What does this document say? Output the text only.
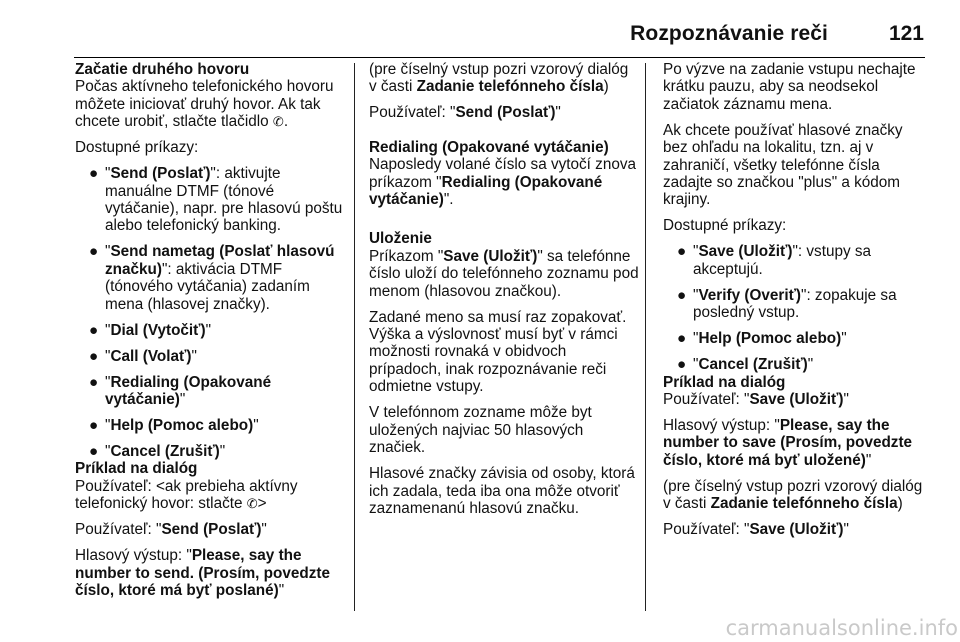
Rozpoznávanie reči	121
Začatie druhého hovoru

Počas aktívneho telefonického hovoru môžete iniciovať druhý hovor. Ak tak chcete urobiť, stlačte tlačidlo ✆.

Dostupné príkazy:

● "Send (Poslať)": aktivujte manuálne DTMF (tónové vytáčanie), napr. pre hlasovú poštu alebo telefonický banking.
● "Send nametag (Poslať hlasovú značku)": aktivácia DTMF (tónového vytáčania) zadaním mena (hlasovej značky).
● "Dial (Vytočiť)"
● "Call (Volať)"
● "Redialing (Opakované vytáčanie)"
● "Help (Pomoc alebo)"
● "Cancel (Zrušiť)"
Príklad na dialóg

Používateľ: <ak prebieha aktívny telefonický hovor: stlačte ✆>

Používateľ: "Send (Poslať)"

Hlasový výstup: "Please, say the number to send. (Prosím, povedzte číslo, ktoré má byť poslané)"

(pre číselný vstup pozri vzorový dialóg v časti Zadanie telefónneho čísla)

Používateľ: "Send (Poslať)"

Redialing (Opakované vytáčanie)

Naposledy volané číslo sa vytočí znova príkazom "Redialing (Opakované vytáčanie)".

Uloženie

Príkazom "Save (Uložiť)" sa telefónne číslo uloží do telefónneho zoznamu pod menom (hlasovou značkou).

Zadané meno sa musí raz zopakovať. Výška a výslovnosť musí byť v rámci možnosti rovnaká v obidvoch prípadoch, inak rozpoznávanie reči odmietne vstupy.

V telefónnom zozname môže byt uložených najviac 50 hlasových značiek.

Hlasové značky závisia od osoby, ktorá ich zadala, teda iba ona môže otvoriť zaznamenanú hlasovú značku.

Po výzve na zadanie vstupu nechajte krátku pauzu, aby sa neodsekol začiatok záznamu mena.

Ak chcete používať hlasové značky bez ohľadu na lokalitu, tzn. aj v zahraničí, všetky telefónne čísla zadajte so značkou "plus" a kódom krajiny.

Dostupné príkazy:

● "Save (Uložiť)": vstupy sa akceptujú.
● "Verify (Overiť)": zopakuje sa posledný vstup.
● "Help (Pomoc alebo)"
● "Cancel (Zrušiť)"
Príklad na dialóg

Používateľ: "Save (Uložiť)"

Hlasový výstup: "Please, say the number to save (Prosím, povedzte číslo, ktoré má byť uložené)"

(pre číselný vstup pozri vzorový dialóg v časti Zadanie telefónneho čísla)

Používateľ: "Save (Uložiť)"

carmanualsonline.info
